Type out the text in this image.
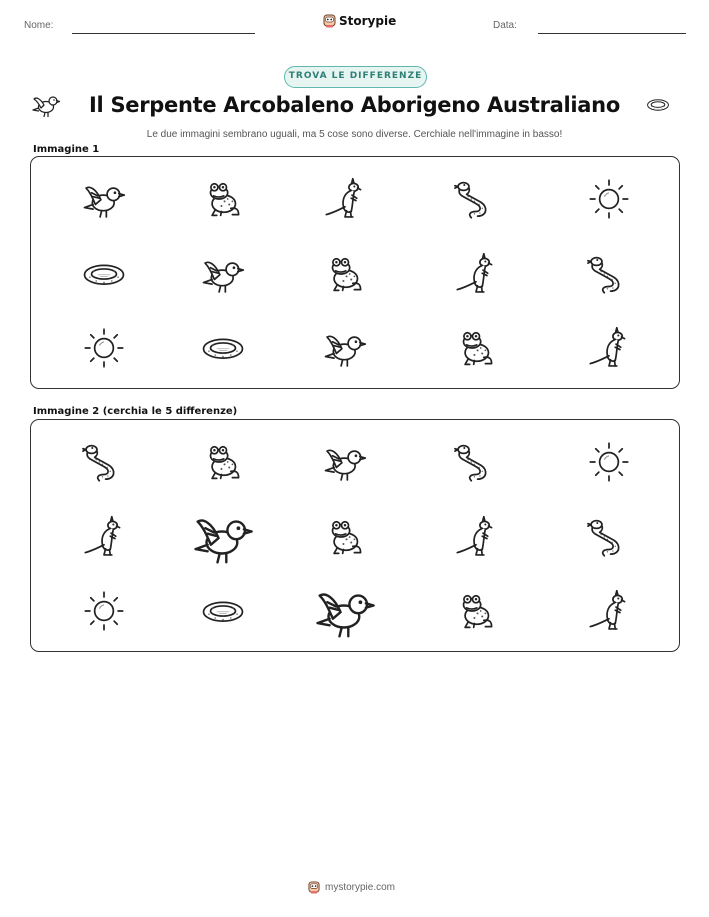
Nome:	Storypie	Data:
TROVA LE DIFFERENZE
Il Serpente Arcobaleno Aborigeno Australiano
Le due immagini sembrano uguali, ma 5 cose sono diverse. Cerchiale nell'immagine in basso!
Immagine 1
Immagine 2 (cerchia le 5 differenze)
mystorypie.com
